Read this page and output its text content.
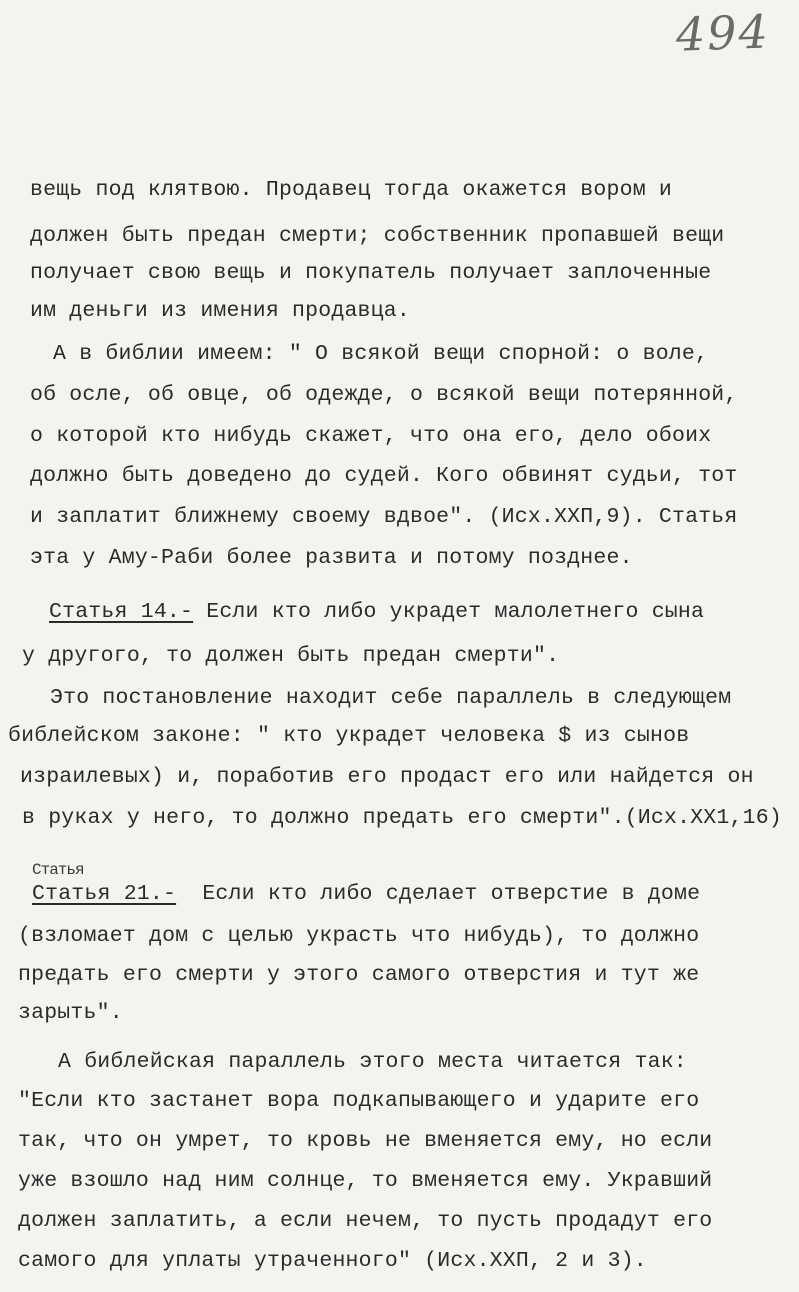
494
вещь под клятвою. Продавец тогда окажется вором и
должен быть предан смерти; собственник пропавшей вещи
получает свою вещь и покупатель получает заплоченные
им деньги из имения продавца.
А в библии имеем: " О всякой вещи спорной: о воле,
об осле, об овце, об одежде, о всякой вещи потерянной,
о которой кто нибудь скажет, что она его, дело обоих
должно быть доведено до судей. Кого обвинят судьи, тот
и заплатит ближнему своему вдвое". (Исх.ХХП,9). Статья
эта у Аму-Раби более развита и потому позднее.
Статья 14.- Если кто либо украдет малолетнего сына
у другого, то должен быть предан смерти".
Это постановление находит себе параллель в следующем
библейском законе: " кто украдет человека $ из сынов
израилевых) и, поработив его продаст его или найдется он
в руках у него, то должно предать его смерти".(Исх.ХХ1,16)
Статья
Статья 21.-  Если кто либо сделает отверстие в доме
(взломает дом с целью украсть что нибудь), то должно
предать его смерти у этого самого отверстия и тут же
зарыть".
А библейская параллель этого места читается так:
"Если кто застанет вора подкапывающего и ударите его
так, что он умрет, то кровь не вменяется ему, но если
уже взошло над ним солнце, то вменяется ему. Укравший
должен заплатить, а если нечем, то пусть продадут его
самого для уплаты утраченного" (Исх.ХХП, 2 и 3).
